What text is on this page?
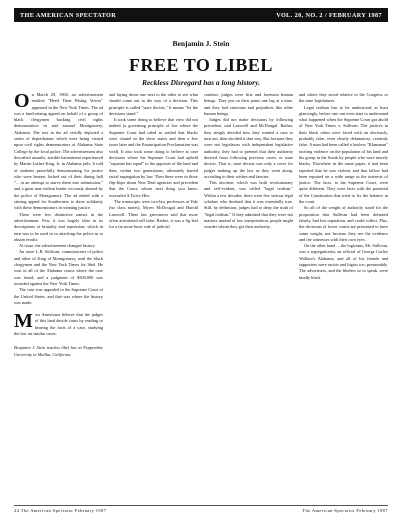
THE AMERICAN SPECTATOR	VOL. 20, NO. 2 / FEBRUARY 1987
Benjamin J. Stein
FREE TO LIBEL
Reckless Disregard has a long history.

On March 29, 1960, an advertisement entitled "Heed Their Rising Voices" appeared in the New York Times. The ad was a fund-raising appeal on behalf of a group of black clergymen backing civil rights demonstrators in and around Montgomery, Alabama. The text in the ad vividly depicted a series of depredations which were being visited upon civil rights demonstrators at Alabama State College by the local police. The advertisement also described assaults, terrible harassment experienced by Martin Luther King, Jr. in Alabama jails. It told of students peacefully demonstrating for justice who were beaten, locked out of their dining hall "... in an attempt to starve them into submission," and a great non-violent leader viciously abused by the police of Montgomery. The ad ended with a stirring appeal for Southerners to show solidarity with these demonstrators in winning justice.

There were few distinctive names in the advertisement. Few, it was largely false in its descriptions of brutality and repression, which in turn was to be used in so attacking the police as to obtain results.

At issue, the advertisement changed history.

An issue L.B. Sullivan, commissioner of police and other of King of Montgomery, read the black clergymen and the New York Times for libel. He won in all of the Alabama courts where the case was heard, and a judgment of $500,000 was awarded against the New York Times.

The case was appealed to the Supreme Court of the United States, and that was where the history was made.

Most Americans believe that the judges of this land decide cases by reading or hearing the facts of a case, studying the law on similar cases,

Benjamin J. Stein teaches libel law at Pepperdine University in Malibu, California.

and laying down one next to the other to see what should come out in the way of a decision. This principle is called "stare decisis." It means "let the decisions stand."

It took some doing to believe that view did not indeed (a governing principle of law where the Supreme Court had ruled as settled that blacks were chattel in the slave states and then a few years later and the Emancipation Proclamation was void). It also took some doing to believe at case decisions where the Supreme Court had upheld "separate but equal" to the opposite of the land and then, within two generations, ultimately barred racial segregation by law. Then there were in those flip-flops about New Deal agencies and precedent that the Court, whose next thing you knew, overruled A Twice Hits.

The transcripts were two-law professors at Yale (no class mates), Myres McDougal and Harold Lasswell. These law grievances said that more often articulated sell false. Rather, it was a fig leaf for a far more basic rule of judicial

conduct: judges were first and foremost human beings. They put on their pants one leg at a time, and they had emotions and prejudices like other human beings.

Judges did not make decisions by following precedent, said Lasswell and McDougal. Rather, they simply decided how they wanted a case to turn out, then decided it that way. But because they were not legislators with independent legislative authority, they had to pretend that their authority derived from following previous cases, or stare decisis. That is, stare decisis was only a cover for judges making up the law as they went along, according to their wishes and fancies.

This doctrine, which was both revolutionary and self-evident, was called "legal realism." Within a few decades, there were few serious legal scholars who doubted that it was essentially true. Still, by definition, judges had to deny the truth of "legal realism." If they admitted that they were not masters instead of law interpretation, people might wonder whom they got their authority,

and where they stood relative to the Congress or the state legislatures.

Legal realism has to be understood, at least glancingly, before one can even start to understand what happened when the Supreme Court got ahold of New York Times v. Sullivan. The justices in their black robes were faced with an obviously, probably false, even clearly defamatory, certainly false. A man had been called a lawless "Klansman" inciting violence on the population of his land and his group in the South by people who were merely blacks. Elsewhere in the same paper, it had been reported that he was violent, and that fellow had been reported on a wide range in the interests of justice. The facts, to the Supreme Court, were quite different. They were facts with the potential of the Constitution that tried to fix the balance in the court.

So all of the weight of authority stood for the proposition that Sullivan had been defamed falsely, had lost reputation, and could collect. Plus, the decisions of lower courts are presumed to have some weight, not because they see the evidence and the witnesses with their own eyes.

On the other hand ... the logicians, Mr. Sullivan, was a segregationist, an official of George Corley Wallace's Alabama, and all of his friends and supporters were racists and bigots too, presumably. The advertisers, and the libelers so to speak, were kindly black

24 The American Spectator February 1987	The American Spectator February 1987
